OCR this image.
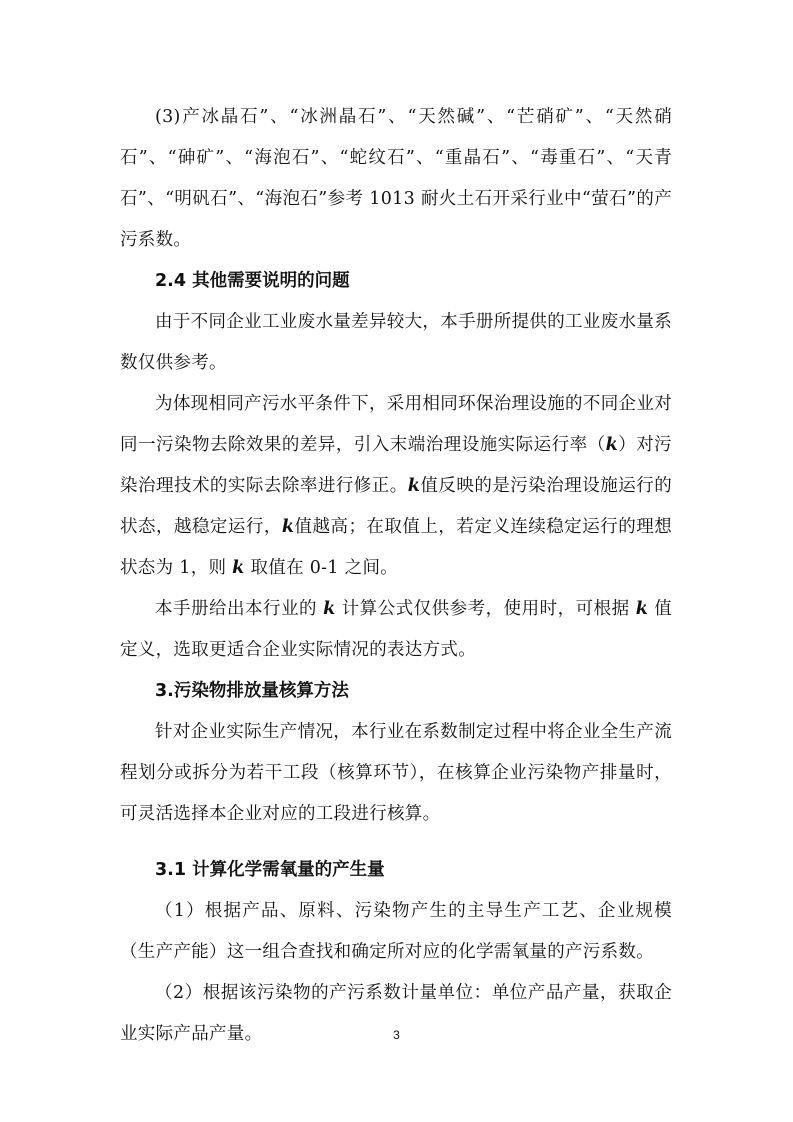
(3)产冰晶石”、“冰洲晶石”、“天然碱”、“芒硝矿”、“天然硝石”、“砷矿”、“海泡石”、“蛇纹石”、“重晶石”、“毒重石”、“天青石”、“明矾石”、“海泡石”参考 1013 耐火土石开采行业中“萤石”的产污系数。

2.4 其他需要说明的问题

由于不同企业工业废水量差异较大，本手册所提供的工业废水量系数仅供参考。

为体现相同产污水平条件下，采用相同环保治理设施的不同企业对同一污染物去除效果的差异，引入末端治理设施实际运行率（k）对污染治理技术的实际去除率进行修正。k值反映的是污染治理设施运行的状态，越稳定运行，k值越高；在取值上，若定义连续稳定运行的理想状态为 1，则 k 取值在 0-1 之间。

本手册给出本行业的 k 计算公式仅供参考，使用时，可根据 k 值定义，选取更适合企业实际情况的表达方式。

3.污染物排放量核算方法

针对企业实际生产情况，本行业在系数制定过程中将企业全生产流程划分或拆分为若干工段（核算环节），在核算企业污染物产排量时，可灵活选择本企业对应的工段进行核算。

3.1 计算化学需氧量的产生量

（1）根据产品、原料、污染物产生的主导生产工艺、企业规模（生产产能）这一组合查找和确定所对应的化学需氧量的产污系数。

（2）根据该污染物的产污系数计量单位：单位产品产量，获取企业实际产品产量。	3
